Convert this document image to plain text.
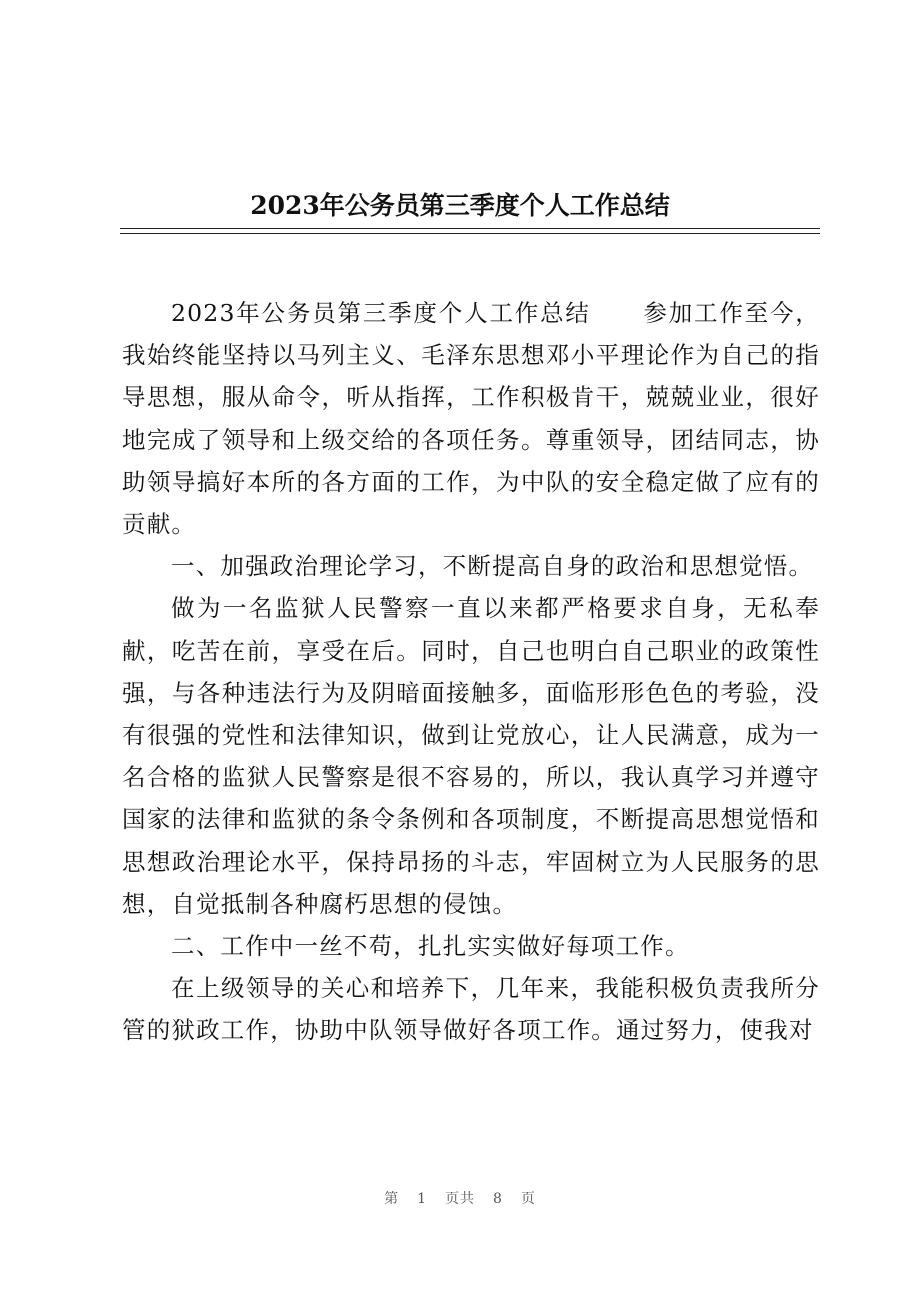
2023年公务员第三季度个人工作总结

2023年公务员第三季度个人工作总结 参加工作至今，我始终能坚持以马列主义、毛泽东思想邓小平理论作为自己的指导思想，服从命令，听从指挥，工作积极肯干，兢兢业业，很好地完成了领导和上级交给的各项任务。尊重领导，团结同志，协助领导搞好本所的各方面的工作，为中队的安全稳定做了应有的贡献。

一、加强政治理论学习，不断提高自身的政治和思想觉悟。

做为一名监狱人民警察一直以来都严格要求自身，无私奉献，吃苦在前，享受在后。同时，自己也明白自己职业的政策性强，与各种违法行为及阴暗面接触多，面临形形色色的考验，没有很强的党性和法律知识，做到让党放心，让人民满意，成为一名合格的监狱人民警察是很不容易的，所以，我认真学习并遵守国家的法律和监狱的条令条例和各项制度，不断提高思想觉悟和思想政治理论水平，保持昂扬的斗志，牢固树立为人民服务的思想，自觉抵制各种腐朽思想的侵蚀。

二、工作中一丝不苟，扎扎实实做好每项工作。

在上级领导的关心和培养下，几年来，我能积极负责我所分管的狱政工作，协助中队领导做好各项工作。通过努力，使我对

第 1 页共 8 页
